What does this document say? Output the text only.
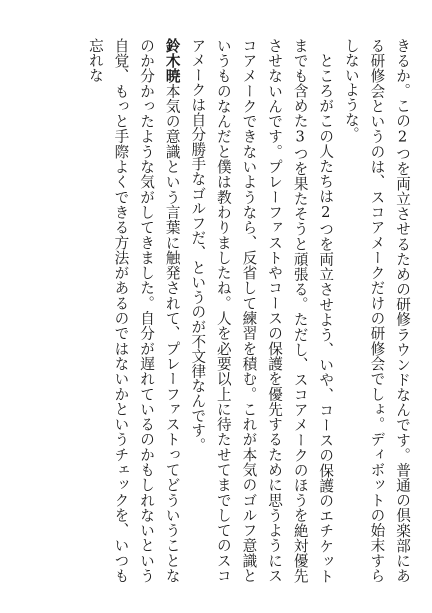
きるか。この2つを両立させるための研修ラウンドなんです。普通の倶楽部にある研修会というのは、スコアメークだけの研修会でしょ。ディボットの始末すらしないような。

ところがこの人たちは2つを両立させよう、いや、コースの保護のエチケットまでも含めた3つを果たそうと頑張る。ただし、スコアメークのほうを絶対優先させないんです。プレーファストやコースの保護を優先するために思うようにスコアメークできないようなら、反省して練習を積む。これが本気のゴルフ意識というものなんだと僕は教わりましたね。人を必要以上に待たせてまでしてのスコアメークは自分勝手なゴルフだ、というのが不文律なんです。

鈴木暁本気の意識という言葉に触発されて、プレーファストってどういうことなのか分かったような気がしてきました。自分が遅れているのかもしれないという自覚、もっと手際よくできる方法があるのではないかというチェックを、いつも忘れな
